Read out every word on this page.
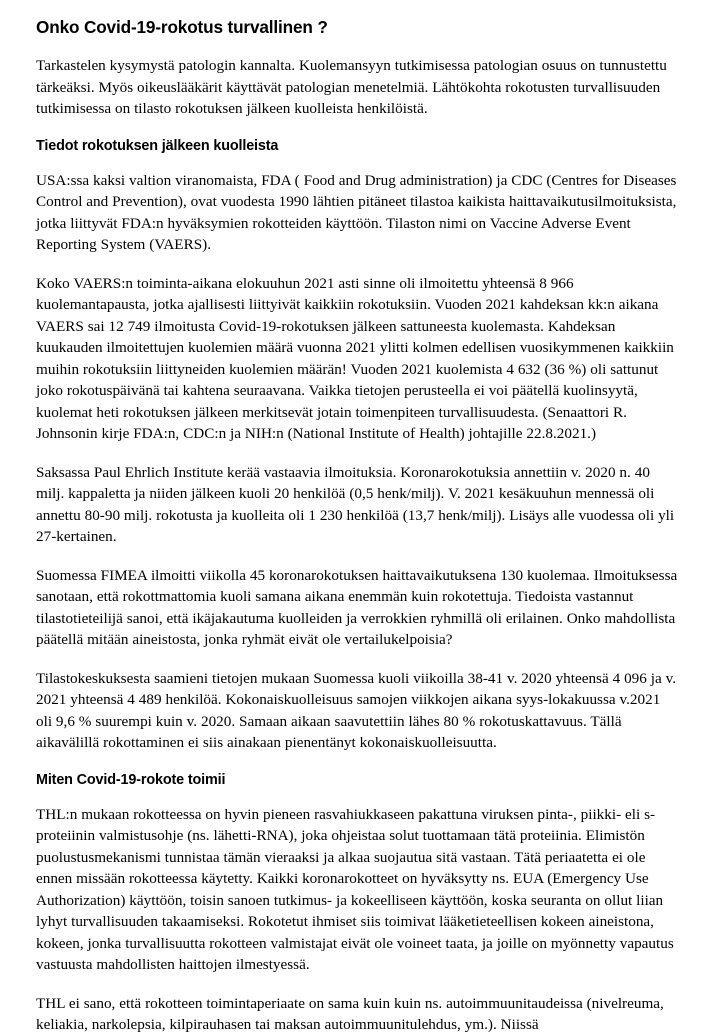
Onko Covid-19-rokotus turvallinen ?

Tarkastelen kysymystä patologin kannalta. Kuolemansyyn tutkimisessa patologian osuus on tunnustettu tärkeäksi. Myös oikeuslääkärit käyttävät patologian menetelmiä. Lähtökohta rokotusten turvallisuuden tutkimisessa on tilasto rokotuksen jälkeen kuolleista henkilöistä.

Tiedot rokotuksen jälkeen kuolleista

USA:ssa kaksi valtion viranomaista, FDA ( Food and Drug administration) ja CDC (Centres for Diseases Control and Prevention), ovat vuodesta 1990 lähtien pitäneet tilastoa kaikista haittavaikutusilmoituksista, jotka liittyvät FDA:n hyväksymien rokotteiden käyttöön. Tilaston nimi on Vaccine Adverse Event Reporting System (VAERS).

Koko VAERS:n toiminta-aikana elokuuhun 2021 asti sinne oli ilmoitettu yhteensä 8 966 kuolemantapausta, jotka ajallisesti liittyivät kaikkiin rokotuksiin. Vuoden 2021 kahdeksan kk:n aikana VAERS sai 12 749 ilmoitusta Covid-19-rokotuksen jälkeen sattuneesta kuolemasta. Kahdeksan kuukauden ilmoitettujen kuolemien määrä vuonna 2021 ylitti kolmen edellisen vuosikymmenen kaikkiin muihin rokotuksiin liittyneiden kuolemien määrän! Vuoden 2021 kuolemista 4 632 (36 %) oli sattunut joko rokotuspäivänä tai kahtena seuraavana. Vaikka tietojen perusteella ei voi päätellä kuolinsyytä, kuolemat heti rokotuksen jälkeen merkitsevät jotain toimenpiteen turvallisuudesta. (Senaattori R. Johnsonin kirje FDA:n, CDC:n ja NIH:n (National Institute of Health) johtajille 22.8.2021.)

Saksassa Paul Ehrlich Institute kerää vastaavia ilmoituksia. Koronarokotuksia annettiin v. 2020 n. 40 milj. kappaletta ja niiden jälkeen kuoli 20 henkilöä (0,5 henk/milj). V. 2021 kesäkuuhun mennessä oli annettu 80-90 milj. rokotusta ja kuolleita oli 1 230 henkilöä (13,7 henk/milj). Lisäys alle vuodessa oli yli 27-kertainen.

Suomessa FIMEA ilmoitti viikolla 45 koronarokotuksen haittavaikutuksena 130 kuolemaa. Ilmoituksessa sanotaan, että rokottmattomia kuoli samana aikana enemmän kuin rokotettuja. Tiedoista vastannut tilastotieteilijä sanoi, että ikäjakautuma kuolleiden ja verrokkien ryhmillä oli erilainen. Onko mahdollista päätellä mitään aineistosta, jonka ryhmät eivät ole vertailukelpoisia?

Tilastokeskuksesta saamieni tietojen mukaan Suomessa kuoli viikoilla 38-41 v. 2020 yhteensä 4 096 ja v. 2021 yhteensä 4 489 henkilöä. Kokonaiskuolleisuus samojen viikkojen aikana syys-lokakuussa v.2021 oli 9,6 % suurempi kuin v. 2020. Samaan aikaan saavutettiin lähes 80 % rokotuskattavuus. Tällä aikavälillä rokottaminen ei siis ainakaan pienentänyt kokonaiskuolleisuutta.

Miten Covid-19-rokote toimii

THL:n mukaan rokotteessa on hyvin pieneen rasvahiukkaseen pakattuna viruksen pinta-, piikki- eli s-proteiinin valmistusohje (ns. lähetti-RNA), joka ohjeistaa solut tuottamaan tätä proteiinia. Elimistön puolustusmekanismi tunnistaa tämän vieraaksi ja alkaa suojautua sitä vastaan. Tätä periaatetta ei ole ennen missään rokotteessa käytetty. Kaikki koronarokotteet on hyväksytty ns. EUA (Emergency Use Authorization) käyttöön, toisin sanoen tutkimus- ja kokeelliseen käyttöön, koska seuranta on ollut liian lyhyt turvallisuuden takaamiseksi. Rokotetut ihmiset siis toimivat lääketieteellisen kokeen aineistona, kokeen, jonka turvallisuutta rokotteen valmistajat eivät ole voineet taata, ja joille on myönnetty vapautus vastuusta mahdollisten haittojen ilmestyessä.

THL ei sano, että rokotteen toimintaperiaate on sama kuin kuin ns. autoimmuunitaudeissa (nivelreuma, keliakia, narkolepsia, kilpirauhasen tai maksan autoimmuunitulehdus, ym.). Niissä
